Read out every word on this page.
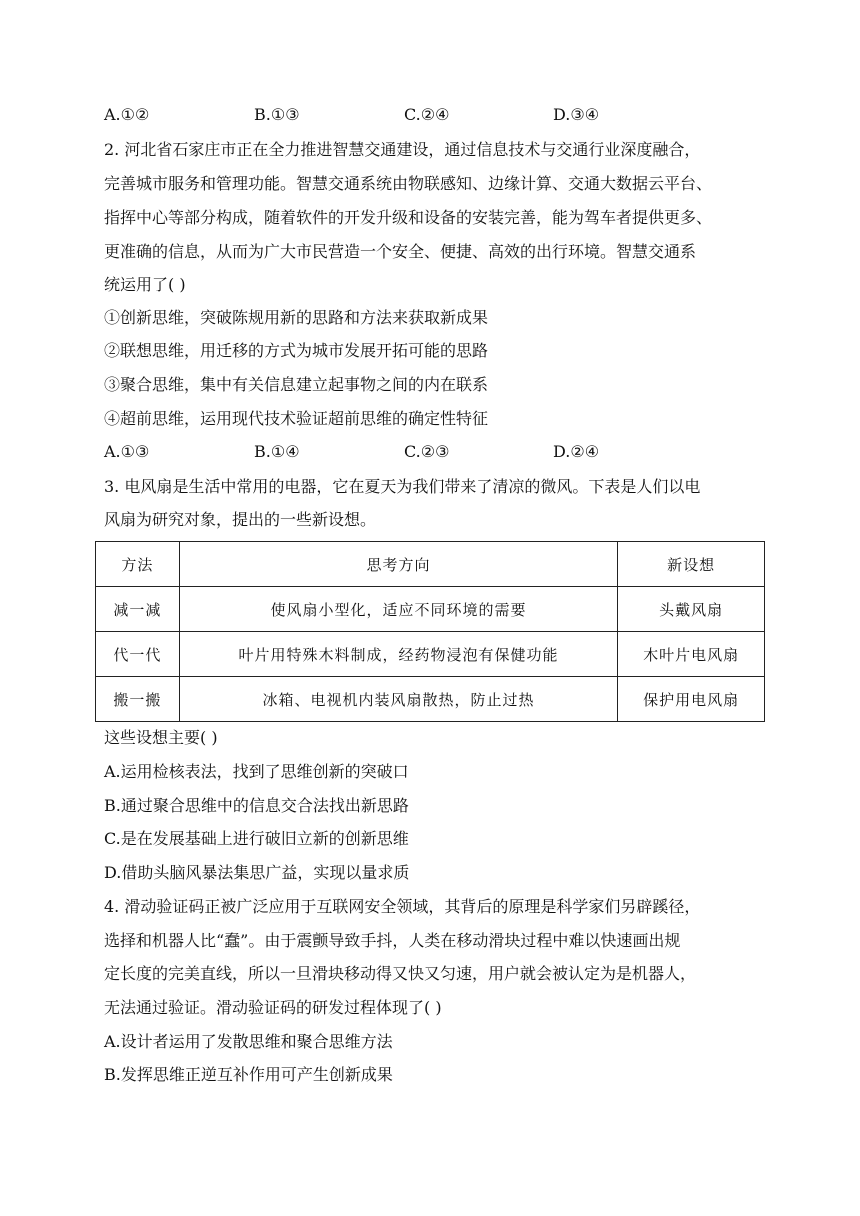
A.①②	B.①③	C.②④	D.③④
2. 河北省石家庄市正在全力推进智慧交通建设，通过信息技术与交通行业深度融合，
完善城市服务和管理功能。智慧交通系统由物联感知、边缘计算、交通大数据云平台、
指挥中心等部分构成，随着软件的开发升级和设备的安装完善，能为驾车者提供更多、
更准确的信息，从而为广大市民营造一个安全、便捷、高效的出行环境。智慧交通系
统运用了( )
①创新思维，突破陈规用新的思路和方法来获取新成果
②联想思维，用迁移的方式为城市发展开拓可能的思路
③聚合思维，集中有关信息建立起事物之间的内在联系
④超前思维，运用现代技术验证超前思维的确定性特征
A.①③	B.①④	C.②③	D.②④
3. 电风扇是生活中常用的电器，它在夏天为我们带来了清凉的微风。下表是人们以电
风扇为研究对象，提出的一些新设想。
方法	思考方向	新设想
减一减	使风扇小型化，适应不同环境的需要	头戴风扇
代一代	叶片用特殊木料制成，经药物浸泡有保健功能	木叶片电风扇
搬一搬	冰箱、电视机内装风扇散热，防止过热	保护用电风扇
这些设想主要( )
A.运用检核表法，找到了思维创新的突破口
B.通过聚合思维中的信息交合法找出新思路
C.是在发展基础上进行破旧立新的创新思维
D.借助头脑风暴法集思广益，实现以量求质
4. 滑动验证码正被广泛应用于互联网安全领域，其背后的原理是科学家们另辟蹊径，
选择和机器人比“蠢”。由于震颤导致手抖，人类在移动滑块过程中难以快速画出规
定长度的完美直线，所以一旦滑块移动得又快又匀速，用户就会被认定为是机器人，
无法通过验证。滑动验证码的研发过程体现了( )
A.设计者运用了发散思维和聚合思维方法
B.发挥思维正逆互补作用可产生创新成果
